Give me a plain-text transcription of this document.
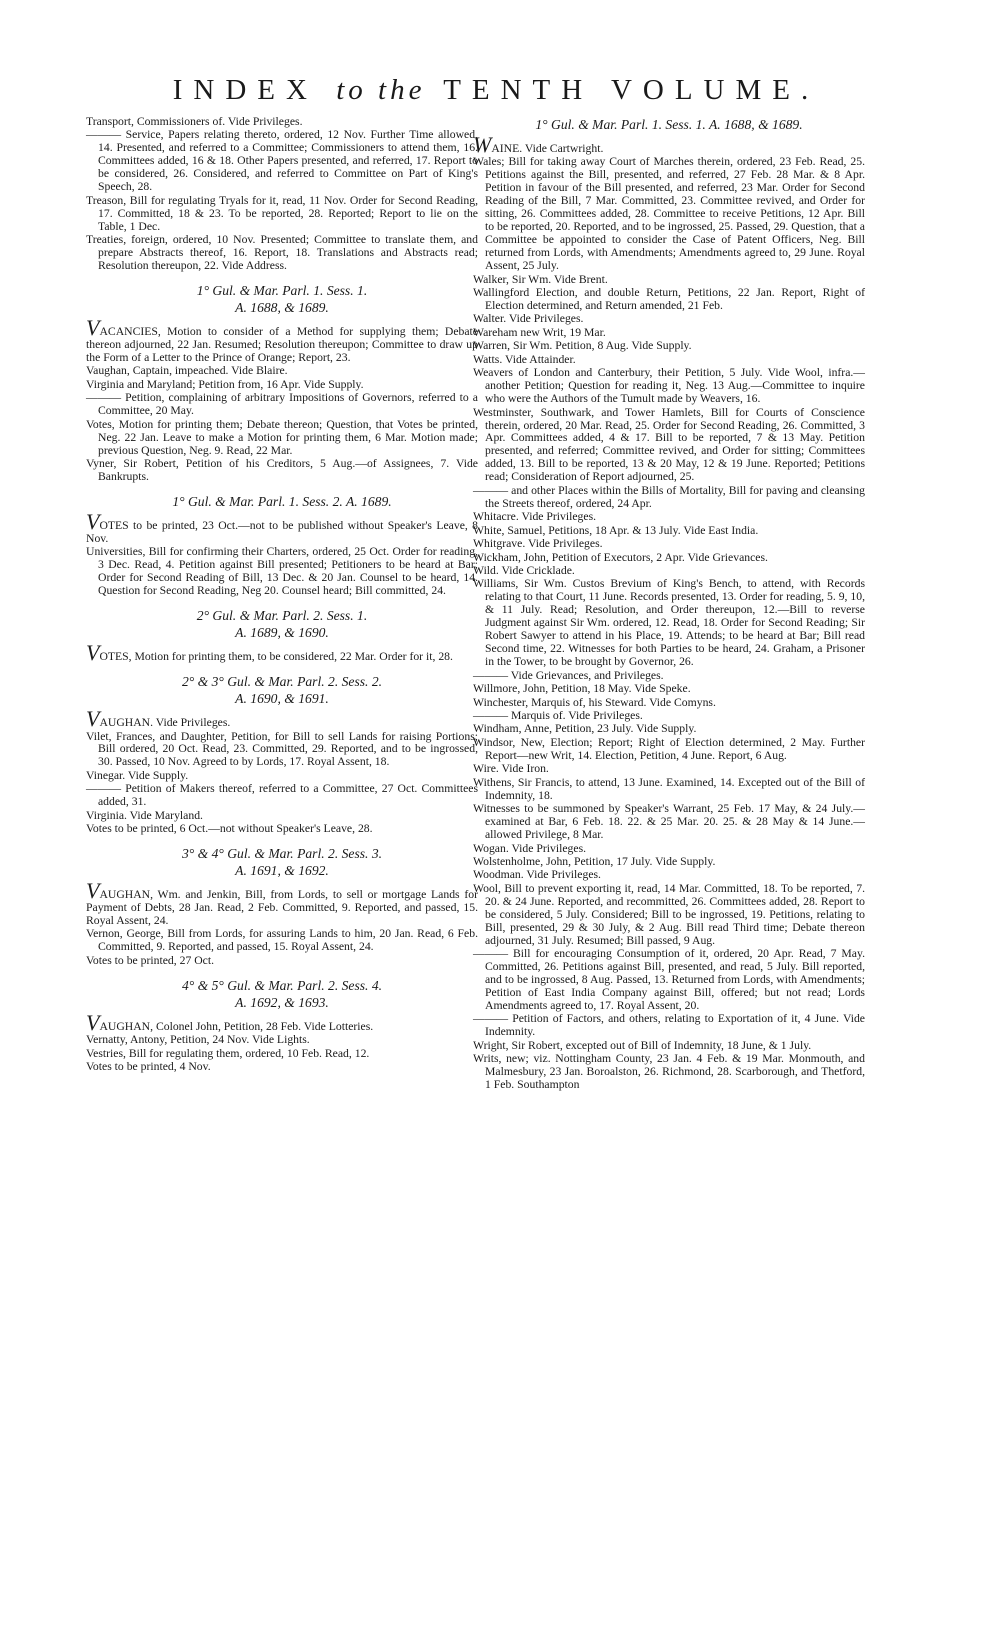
INDEX to the TENTH VOLUME.

Transport, Commissioners of. Vide Privileges.

——— Service, Papers relating thereto, ordered, 12 Nov. Further Time allowed, 14. Presented, and referred to a Committee; Commissioners to attend them, 16. Committees added, 16 & 18. Other Papers presented, and referred, 17. Report to be considered, 26. Considered, and referred to Committee on Part of King's Speech, 28.

Treason, Bill for regulating Tryals for it, read, 11 Nov. Order for Second Reading, 17. Committed, 18 & 23. To be reported, 28. Reported; Report to lie on the Table, 1 Dec.

Treaties, foreign, ordered, 10 Nov. Presented; Committee to translate them, and prepare Abstracts thereof, 16. Report, 18. Translations and Abstracts read; Resolution thereupon, 22. Vide Address.

1° Gul. & Mar. Parl. 1. Sess. 1.
A. 1688, & 1689.

VACANCIES, Motion to consider of a Method for supplying them; Debate thereon adjourned, 22 Jan. Resumed; Resolution thereupon; Committee to draw up the Form of a Letter to the Prince of Orange; Report, 23.

Vaughan, Captain, impeached. Vide Blaire.

Virginia and Maryland; Petition from, 16 Apr. Vide Supply.

——— Petition, complaining of arbitrary Impositions of Governors, referred to a Committee, 20 May.

Votes, Motion for printing them; Debate thereon; Question, that Votes be printed, Neg. 22 Jan. Leave to make a Motion for printing them, 6 Mar. Motion made; previous Question, Neg. 9. Read, 22 Mar.

Vyner, Sir Robert, Petition of his Creditors, 5 Aug.—of Assignees, 7. Vide Bankrupts.

1° Gul. & Mar. Parl. 1. Sess. 2. A. 1689.

VOTES to be printed, 23 Oct.—not to be published without Speaker's Leave, 8 Nov.

Universities, Bill for confirming their Charters, ordered, 25 Oct. Order for reading, 3 Dec. Read, 4. Petition against Bill presented; Petitioners to be heard at Bar; Order for Second Reading of Bill, 13 Dec. & 20 Jan. Counsel to be heard, 14. Question for Second Reading, Neg 20. Counsel heard; Bill committed, 24.

2° Gul. & Mar. Parl. 2. Sess. 1.
A. 1689, & 1690.

VOTES, Motion for printing them, to be considered, 22 Mar. Order for it, 28.

2° & 3° Gul. & Mar. Parl. 2. Sess. 2.
A. 1690, & 1691.

VAUGHAN. Vide Privileges.

Vilet, Frances, and Daughter, Petition, for Bill to sell Lands for raising Portions; Bill ordered, 20 Oct. Read, 23. Committed, 29. Reported, and to be ingrossed, 30. Passed, 10 Nov. Agreed to by Lords, 17. Royal Assent, 18.

Vinegar. Vide Supply.

——— Petition of Makers thereof, referred to a Committee, 27 Oct. Committees added, 31.

Virginia. Vide Maryland.

Votes to be printed, 6 Oct.—not without Speaker's Leave, 28.

3° & 4° Gul. & Mar. Parl. 2. Sess. 3.
A. 1691, & 1692.

VAUGHAN, Wm. and Jenkin, Bill, from Lords, to sell or mortgage Lands for Payment of Debts, 28 Jan. Read, 2 Feb. Committed, 9. Reported, and passed, 15. Royal Assent, 24.

Vernon, George, Bill from Lords, for assuring Lands to him, 20 Jan. Read, 6 Feb. Committed, 9. Reported, and passed, 15. Royal Assent, 24.

Votes to be printed, 27 Oct.

4° & 5° Gul. & Mar. Parl. 2. Sess. 4.
A. 1692, & 1693.

VAUGHAN, Colonel John, Petition, 28 Feb. Vide Lotteries.

Vernatty, Antony, Petition, 24 Nov. Vide Lights.

Vestries, Bill for regulating them, ordered, 10 Feb. Read, 12.

Votes to be printed, 4 Nov.

1° Gul. & Mar. Parl. 1. Sess. 1. A. 1688, & 1689.

WAINE. Vide Cartwright.

Wales; Bill for taking away Court of Marches therein, ordered, 23 Feb. Read, 25. Petitions against the Bill, presented, and referred, 27 Feb. 28 Mar. & 8 Apr. Petition in favour of the Bill presented, and referred, 23 Mar. Order for Second Reading of the Bill, 7 Mar. Committed, 23. Committee revived, and Order for sitting, 26. Committees added, 28. Committee to receive Petitions, 12 Apr. Bill to be reported, 20. Reported, and to be ingrossed, 25. Passed, 29. Question, that a Committee be appointed to consider the Case of Patent Officers, Neg. Bill returned from Lords, with Amendments; Amendments agreed to, 29 June. Royal Assent, 25 July.

Walker, Sir Wm. Vide Brent.

Wallingford Election, and double Return, Petitions, 22 Jan. Report, Right of Election determined, and Return amended, 21 Feb.

Walter. Vide Privileges.

Wareham new Writ, 19 Mar.

Warren, Sir Wm. Petition, 8 Aug. Vide Supply.

Watts. Vide Attainder.

Weavers of London and Canterbury, their Petition, 5 July. Vide Wool, infra.—another Petition; Question for reading it, Neg. 13 Aug.—Committee to inquire who were the Authors of the Tumult made by Weavers, 16.

Westminster, Southwark, and Tower Hamlets, Bill for Courts of Conscience therein, ordered, 20 Mar. Read, 25. Order for Second Reading, 26. Committed, 3 Apr. Committees added, 4 & 17. Bill to be reported, 7 & 13 May. Petition presented, and referred; Committee revived, and Order for sitting; Committees added, 13. Bill to be reported, 13 & 20 May, 12 & 19 June. Reported; Petitions read; Consideration of Report adjourned, 25.

——— and other Places within the Bills of Mortality, Bill for paving and cleansing the Streets thereof, ordered, 24 Apr.

Whitacre. Vide Privileges.

White, Samuel, Petitions, 18 Apr. & 13 July. Vide East India.

Whitgrave. Vide Privileges.

Wickham, John, Petition of Executors, 2 Apr. Vide Grievances.

Wild. Vide Cricklade.

Williams, Sir Wm. Custos Brevium of King's Bench, to attend, with Records relating to that Court, 11 June. Records presented, 13. Order for reading, 5. 9, 10, & 11 July. Read; Resolution, and Order thereupon, 12.—Bill to reverse Judgment against Sir Wm. ordered, 12. Read, 18. Order for Second Reading; Sir Robert Sawyer to attend in his Place, 19. Attends; to be heard at Bar; Bill read Second time, 22. Witnesses for both Parties to be heard, 24. Graham, a Prisoner in the Tower, to be brought by Governor, 26.

——— Vide Grievances, and Privileges.

Willmore, John, Petition, 18 May. Vide Speke.

Winchester, Marquis of, his Steward. Vide Comyns.

——— Marquis of. Vide Privileges.

Windham, Anne, Petition, 23 July. Vide Supply.

Windsor, New, Election; Report; Right of Election determined, 2 May. Further Report—new Writ, 14. Election, Petition, 4 June. Report, 6 Aug.

Wire. Vide Iron.

Withens, Sir Francis, to attend, 13 June. Examined, 14. Excepted out of the Bill of Indemnity, 18.

Witnesses to be summoned by Speaker's Warrant, 25 Feb. 17 May, & 24 July.—examined at Bar, 6 Feb. 18. 22. & 25 Mar. 20. 25. & 28 May & 14 June.—allowed Privilege, 8 Mar.

Wogan. Vide Privileges.

Wolstenholme, John, Petition, 17 July. Vide Supply.

Woodman. Vide Privileges.

Wool, Bill to prevent exporting it, read, 14 Mar. Committed, 18. To be reported, 7. 20. & 24 June. Reported, and recommitted, 26. Committees added, 28. Report to be considered, 5 July. Considered; Bill to be ingrossed, 19. Petitions, relating to Bill, presented, 29 & 30 July, & 2 Aug. Bill read Third time; Debate thereon adjourned, 31 July. Resumed; Bill passed, 9 Aug.

——— Bill for encouraging Consumption of it, ordered, 20 Apr. Read, 7 May. Committed, 26. Petitions against Bill, presented, and read, 5 July. Bill reported, and to be ingrossed, 8 Aug. Passed, 13. Returned from Lords, with Amendments; Petition of East India Company against Bill, offered; but not read; Lords Amendments agreed to, 17. Royal Assent, 20.

——— Petition of Factors, and others, relating to Exportation of it, 4 June. Vide Indemnity.

Wright, Sir Robert, excepted out of Bill of Indemnity, 18 June, & 1 July.

Writs, new; viz. Nottingham County, 23 Jan. 4 Feb. & 19 Mar. Monmouth, and Malmesbury, 23 Jan. Boroalston, 26. Richmond, 28. Scarborough, and Thetford, 1 Feb. Southampton
